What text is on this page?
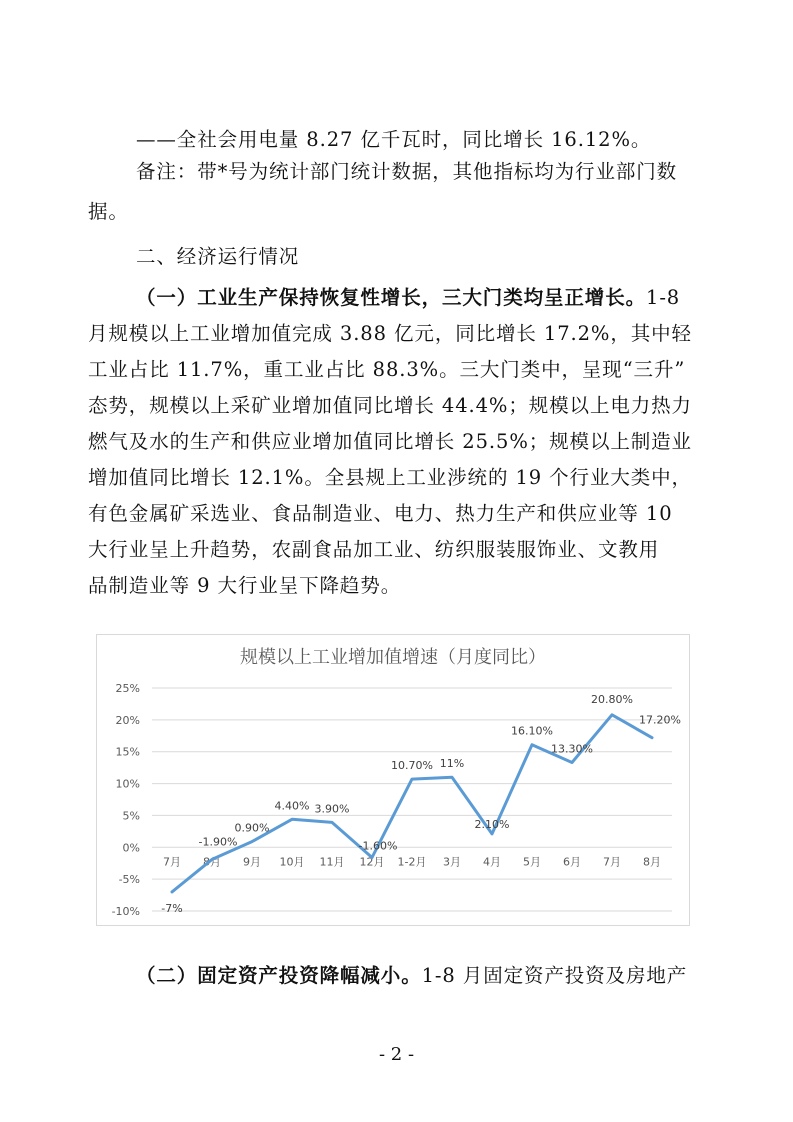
——全社会用电量 8.27 亿千瓦时，同比增长 16.12%。
备注：带*号为统计部门统计数据，其他指标均为行业部门数
据。
二、经济运行情况
（一）工业生产保持恢复性增长，三大门类均呈正增长。1-8
月规模以上工业增加值完成 3.88 亿元，同比增长 17.2%，其中轻
工业占比 11.7%，重工业占比 88.3%。三大门类中，呈现“三升”
态势，规模以上采矿业增加值同比增长 44.4%；规模以上电力热力
燃气及水的生产和供应业增加值同比增长 25.5%；规模以上制造业
增加值同比增长 12.1%。全县规上工业涉统的 19 个行业大类中，
有色金属矿采选业、食品制造业、电力、热力生产和供应业等 10
大行业呈上升趋势，农副食品加工业、纺织服装服饰业、文教用
品制造业等 9 大行业呈下降趋势。
规模以上工业增加值增速（月度同比）
25%
20%
15%
10%
5%
0%
-5%
-10%
7月 8月 9月 10月 11月 12月 1-2月 3月 4月 5月 6月 7月 8月
-7%
-1.90%
0.90%
4.40% 3.90%
-1.60%
10.70% 11%
2.10%
16.10%
13.30%
20.80%
17.20%
（二）固定资产投资降幅减小。1-8 月固定资产投资及房地产
- 2 -
